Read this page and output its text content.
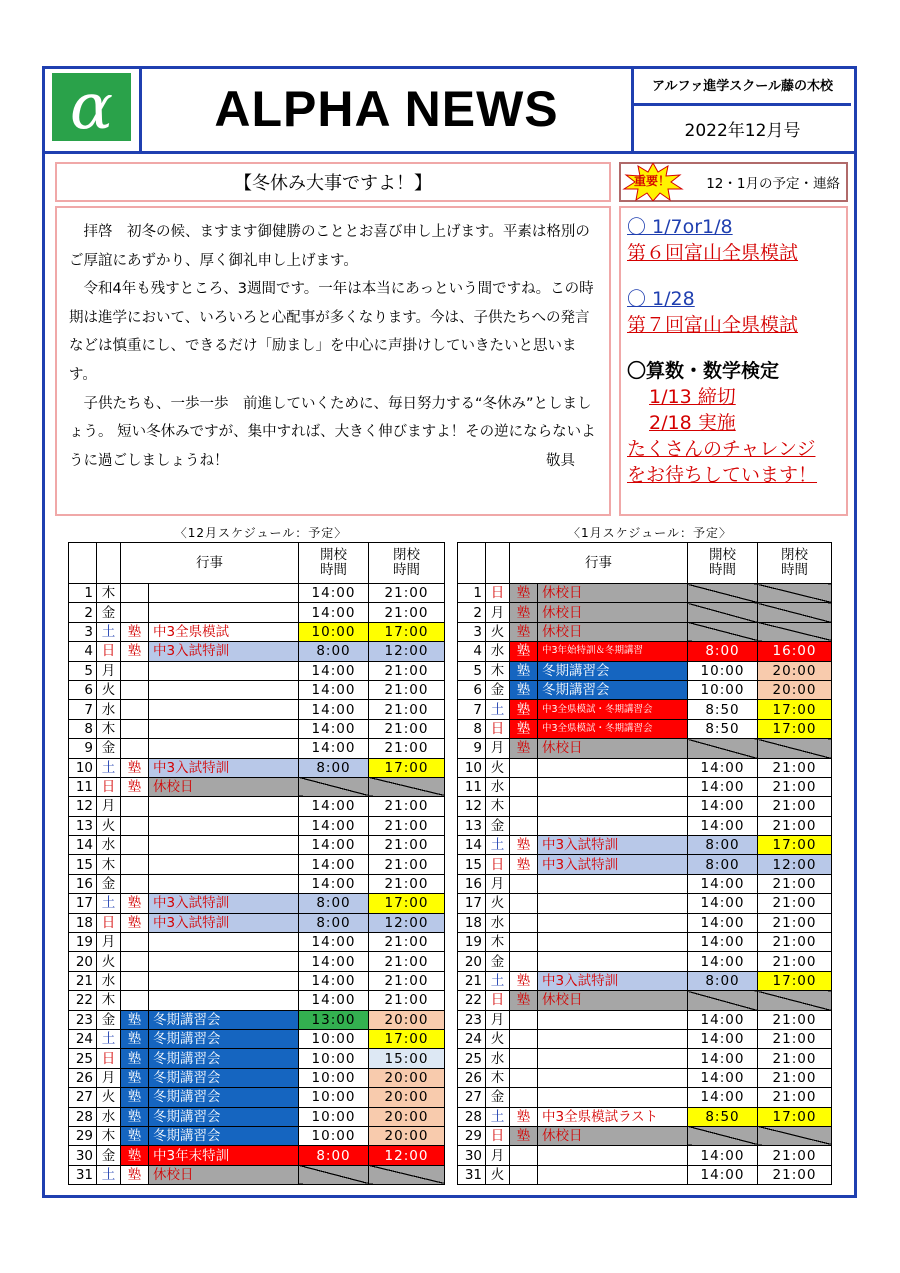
α	ALPHA NEWS	アルファ進学スクール藤の木校
2022年12月号
【冬休み大事ですよ！】

拝啓　初冬の候、ますます御健勝のこととお喜び申し上げます。平素は格別のご厚誼にあずかり、厚く御礼申し上げます。

令和4年も残すところ、3週間です。一年は本当にあっという間ですね。この時期は進学において、いろいろと心配事が多くなります。今は、子供たちへの発言などは慎重にし、できるだけ「励まし」を中心に声掛けしていきたいと思います。

子供たちも、一歩一歩　前進していくために、毎日努力する“冬休み”としましょう。 短い冬休みですが、集中すれば、大きく伸びますよ！その逆にならないように過ごしましょうね！	敬具

12・1月の予定・連絡
重要！
〇 1/7or1/8
第６回富山全県模試
〇 1/28
第７回富山全県模試
〇算数・数学検定
1/13 締切
2/18 実施
たくさんのチャレンジ
をお待ちしています！
〈12月スケジュール：予定〉	〈1月スケジュール：予定〉
		行事		開校
時間	閉校
時間
1	木			14:00	21:00
2	金			14:00	21:00
3	土	塾	中3全県模試	10:00	17:00
4	日	塾	中3入試特訓	8:00	12:00
5	月			14:00	21:00
6	火			14:00	21:00
7	水			14:00	21:00
8	木			14:00	21:00
9	金			14:00	21:00
10	土	塾	中3入試特訓	8:00	17:00
11	日	塾	休校日		
12	月			14:00	21:00
13	火			14:00	21:00
14	水			14:00	21:00
15	木			14:00	21:00
16	金			14:00	21:00
17	土	塾	中3入試特訓	8:00	17:00
18	日	塾	中3入試特訓	8:00	12:00
19	月			14:00	21:00
20	火			14:00	21:00
21	水			14:00	21:00
22	木			14:00	21:00
23	金	塾	冬期講習会	13:00	20:00
24	土	塾	冬期講習会	10:00	17:00
25	日	塾	冬期講習会	10:00	15:00
26	月	塾	冬期講習会	10:00	20:00
27	火	塾	冬期講習会	10:00	20:00
28	水	塾	冬期講習会	10:00	20:00
29	木	塾	冬期講習会	10:00	20:00
30	金	塾	中3年末特訓	8:00	12:00
31	土	塾	休校日		
		行事		開校
時間	閉校
時間
1	日	塾	休校日		
2	月	塾	休校日		
3	火	塾	休校日		
4	水	塾	中3年始特訓＆冬期講習	8:00	16:00
5	木	塾	冬期講習会	10:00	20:00
6	金	塾	冬期講習会	10:00	20:00
7	土	塾	中3全県模試・冬期講習会	8:50	17:00
8	日	塾	中3全県模試・冬期講習会	8:50	17:00
9	月	塾	休校日		
10	火			14:00	21:00
11	水			14:00	21:00
12	木			14:00	21:00
13	金			14:00	21:00
14	土	塾	中3入試特訓	8:00	17:00
15	日	塾	中3入試特訓	8:00	12:00
16	月			14:00	21:00
17	火			14:00	21:00
18	水			14:00	21:00
19	木			14:00	21:00
20	金			14:00	21:00
21	土	塾	中3入試特訓	8:00	17:00
22	日	塾	休校日		
23	月			14:00	21:00
24	火			14:00	21:00
25	水			14:00	21:00
26	木			14:00	21:00
27	金			14:00	21:00
28	土	塾	中3全県模試ラスト	8:50	17:00
29	日	塾	休校日		
30	月			14:00	21:00
31	火			14:00	21:00
